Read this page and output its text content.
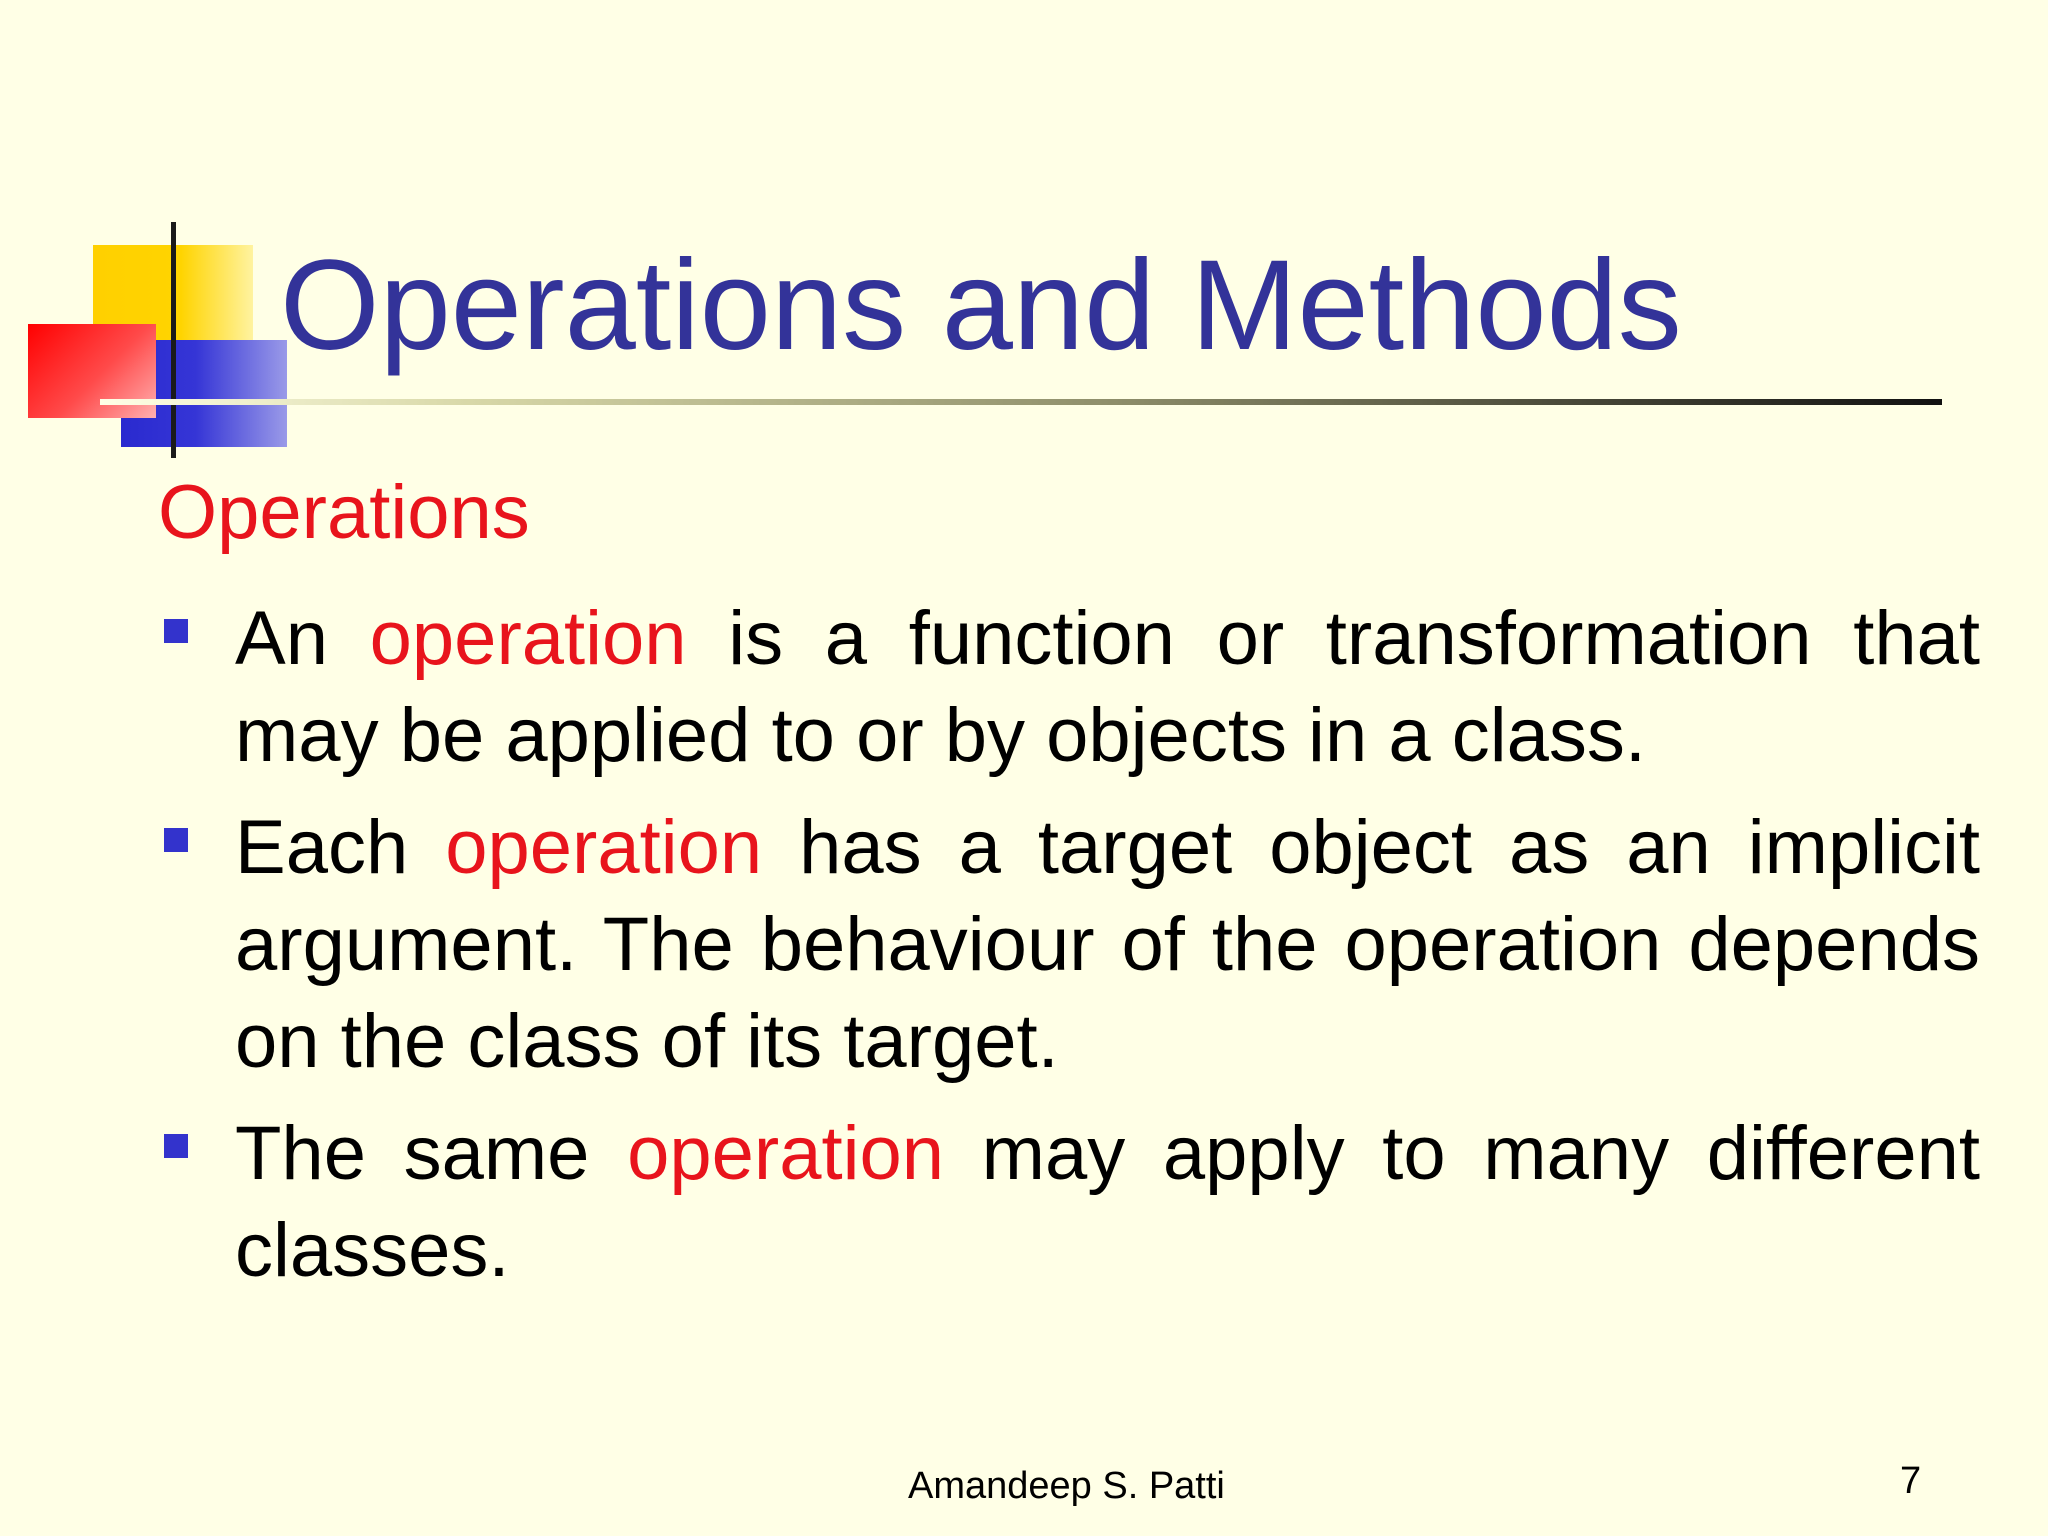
Operations and Methods
Operations
An operation is a function or transformation that may be applied to or by objects in a class.
Each operation has a target object as an implicit argument. The behaviour of the operation depends on the class of its target.
The same operation may apply to many different classes.
Amandeep S. Patti	7
